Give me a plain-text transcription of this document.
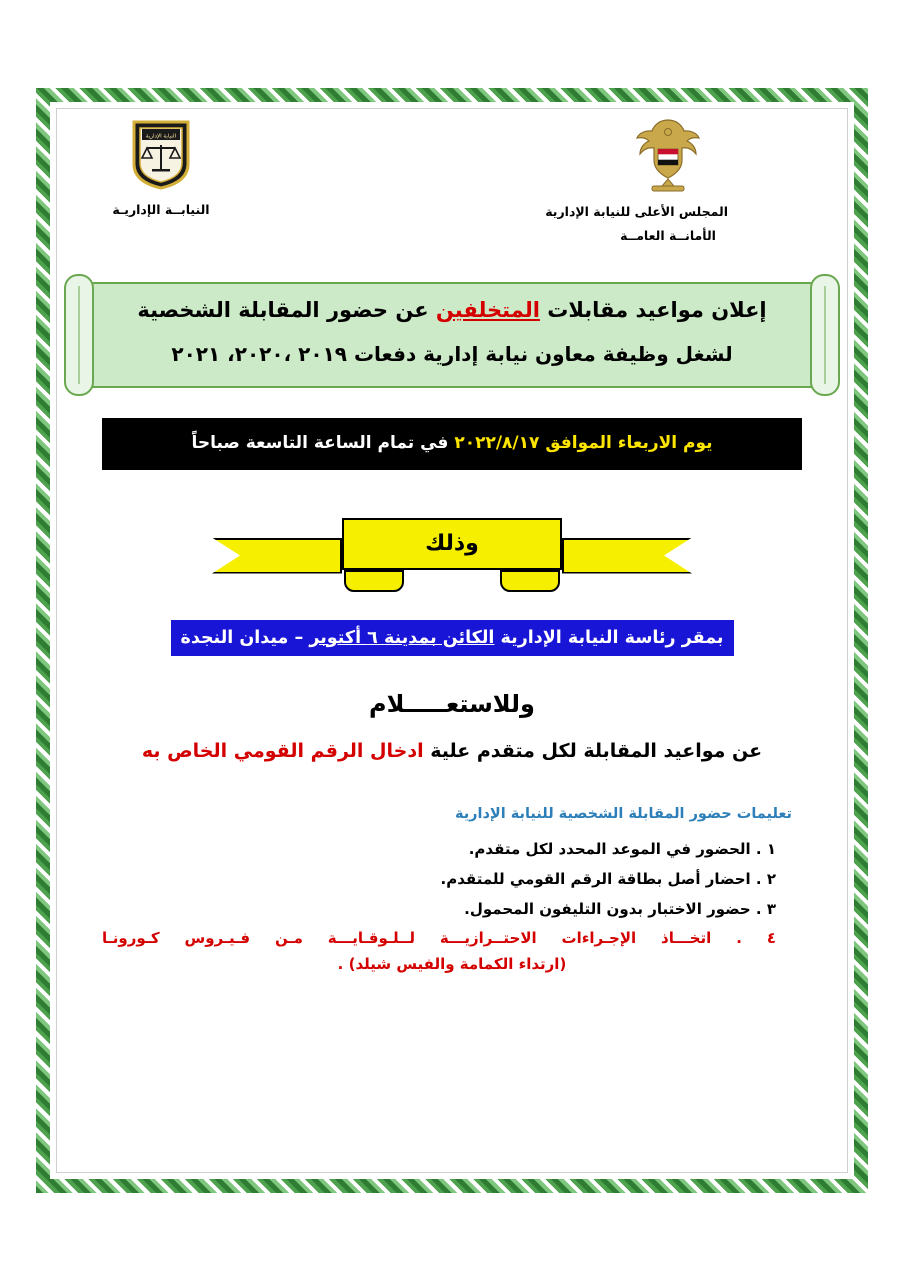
النيابة الإدارية
النيابــة الإداريـة	المجلس الأعلى للنيابة الإدارية
الأمانــة العامــة
إعلان مواعيد مقابلات المتخلفين عن حضور المقابلة الشخصية
لشغل وظيفة معاون نيابة إدارية دفعات ٢٠١٩ ،٢٠٢٠، ٢٠٢١
يوم الاربعاء الموافق ٢٠٢٢/٨/١٧ في تمام الساعة التاسعة صباحاً
وذلك
بمقر رئاسة النيابة الإدارية الكائن بمدينة ٦ أكتوبر – ميدان النجدة
وللاستعـــــلام
عن مواعيد المقابلة لكل متقدم علية ادخال الرقم القومي الخاص به
تعليمات حضور المقابلة الشخصية للنيابة الإدارية
١ . الحضور في الموعد المحدد لكل متقدم.
٢ . احضار أصل بطاقة الرقم القومي للمتقدم.
٣ . حضور الاختبار بدون التليفون المحمول.
٤ . اتخـــاذ الإجـراءات الاحتــرازيـــة لــلـوقـايـــة مـن فـيـروس كـورونـا
(ارتداء الكمامة والفيس شيلد) .
